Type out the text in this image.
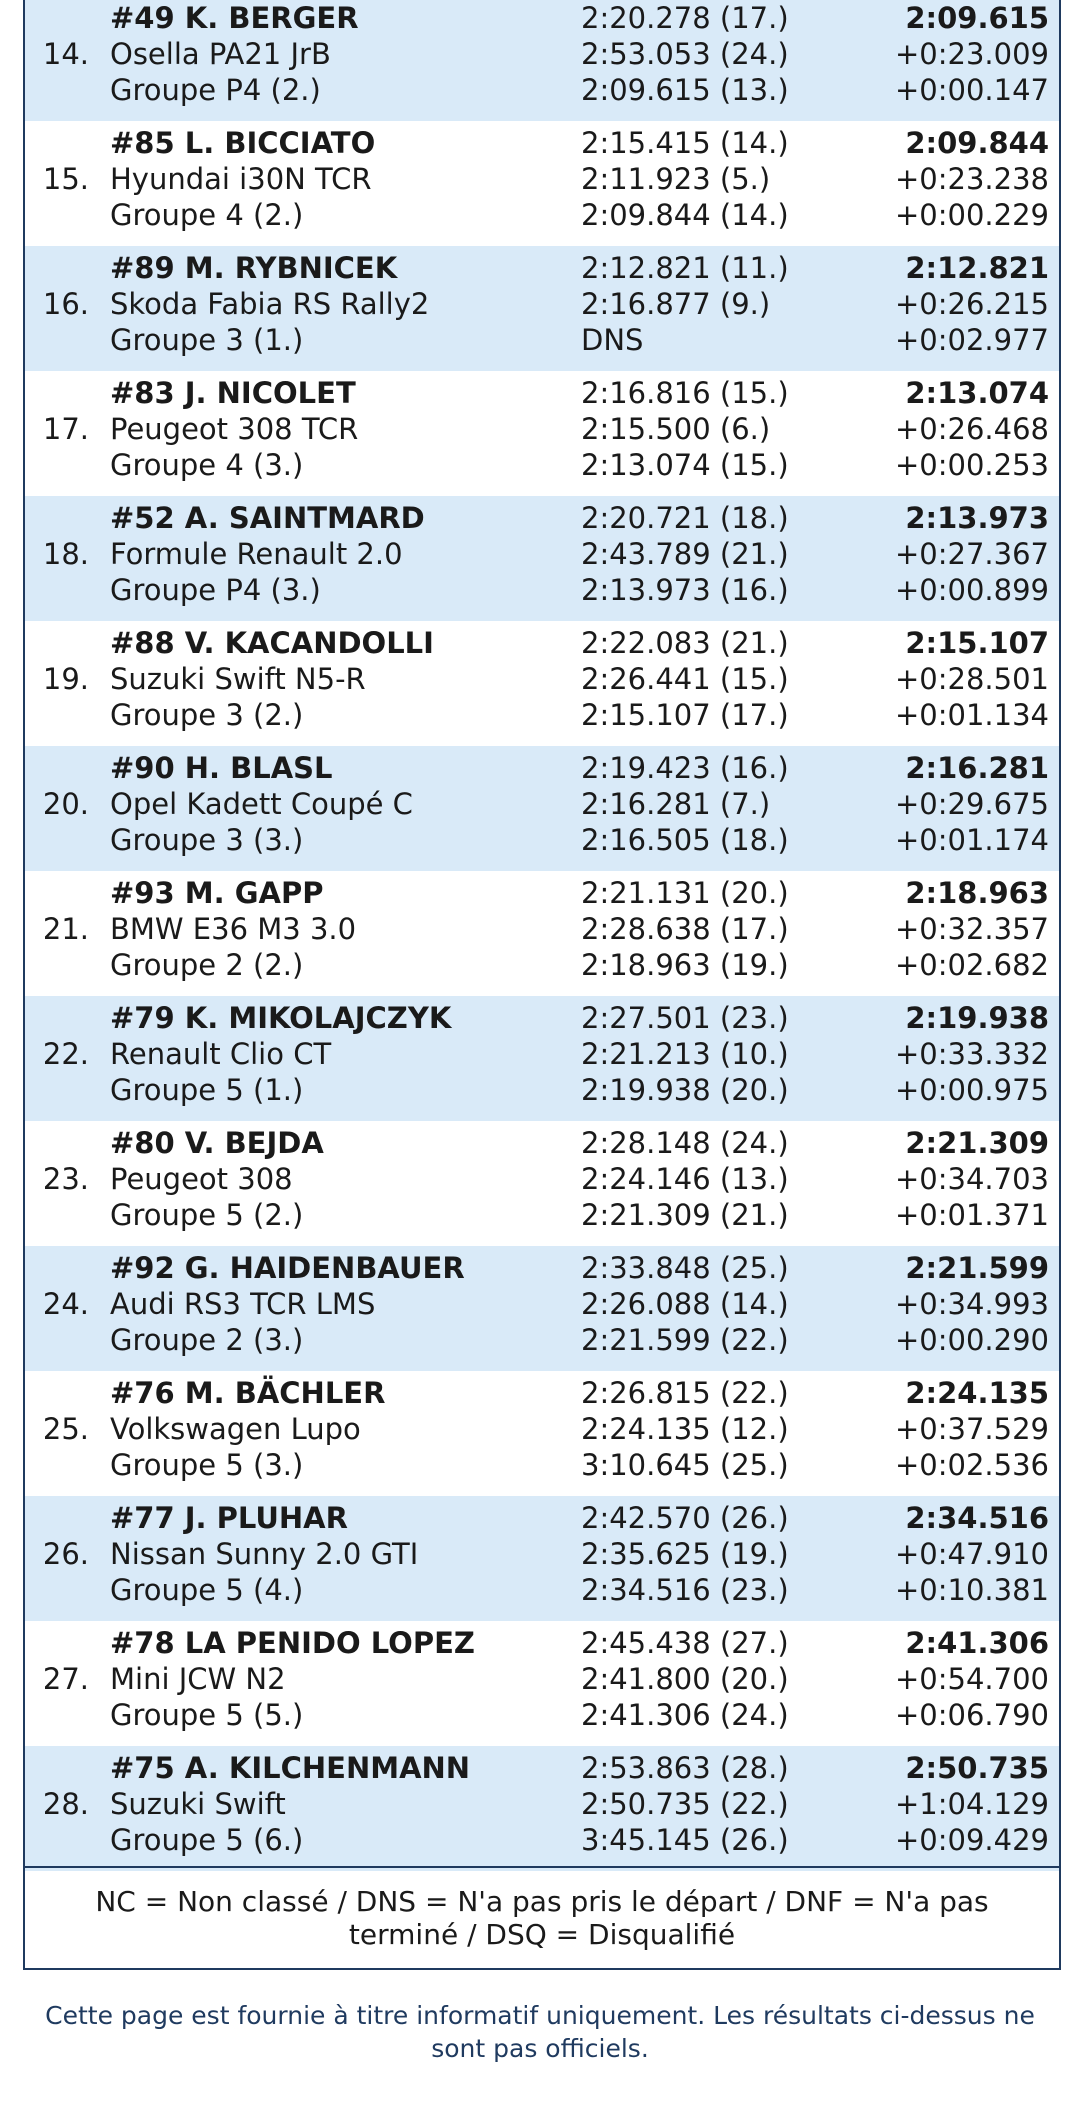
14.
#49 K. BERGER	2:20.278 (17.)	2:09.615
Osella PA21 JrB	2:53.053 (24.)	+0:23.009
Groupe P4 (2.)	2:09.615 (13.)	+0:00.147
15.
#85 L. BICCIATO	2:15.415 (14.)	2:09.844
Hyundai i30N TCR	2:11.923 (5.)	+0:23.238
Groupe 4 (2.)	2:09.844 (14.)	+0:00.229
16.
#89 M. RYBNICEK	2:12.821 (11.)	2:12.821
Skoda Fabia RS Rally2	2:16.877 (9.)	+0:26.215
Groupe 3 (1.)	DNS	+0:02.977
17.
#83 J. NICOLET	2:16.816 (15.)	2:13.074
Peugeot 308 TCR	2:15.500 (6.)	+0:26.468
Groupe 4 (3.)	2:13.074 (15.)	+0:00.253
18.
#52 A. SAINTMARD	2:20.721 (18.)	2:13.973
Formule Renault 2.0	2:43.789 (21.)	+0:27.367
Groupe P4 (3.)	2:13.973 (16.)	+0:00.899
19.
#88 V. KACANDOLLI	2:22.083 (21.)	2:15.107
Suzuki Swift N5-R	2:26.441 (15.)	+0:28.501
Groupe 3 (2.)	2:15.107 (17.)	+0:01.134
20.
#90 H. BLASL	2:19.423 (16.)	2:16.281
Opel Kadett Coupé C	2:16.281 (7.)	+0:29.675
Groupe 3 (3.)	2:16.505 (18.)	+0:01.174
21.
#93 M. GAPP	2:21.131 (20.)	2:18.963
BMW E36 M3 3.0	2:28.638 (17.)	+0:32.357
Groupe 2 (2.)	2:18.963 (19.)	+0:02.682
22.
#79 K. MIKOLAJCZYK	2:27.501 (23.)	2:19.938
Renault Clio CT	2:21.213 (10.)	+0:33.332
Groupe 5 (1.)	2:19.938 (20.)	+0:00.975
23.
#80 V. BEJDA	2:28.148 (24.)	2:21.309
Peugeot 308	2:24.146 (13.)	+0:34.703
Groupe 5 (2.)	2:21.309 (21.)	+0:01.371
24.
#92 G. HAIDENBAUER	2:33.848 (25.)	2:21.599
Audi RS3 TCR LMS	2:26.088 (14.)	+0:34.993
Groupe 2 (3.)	2:21.599 (22.)	+0:00.290
25.
#76 M. BÄCHLER	2:26.815 (22.)	2:24.135
Volkswagen Lupo	2:24.135 (12.)	+0:37.529
Groupe 5 (3.)	3:10.645 (25.)	+0:02.536
26.
#77 J. PLUHAR	2:42.570 (26.)	2:34.516
Nissan Sunny 2.0 GTI	2:35.625 (19.)	+0:47.910
Groupe 5 (4.)	2:34.516 (23.)	+0:10.381
27.
#78 LA PENIDO LOPEZ	2:45.438 (27.)	2:41.306
Mini JCW N2	2:41.800 (20.)	+0:54.700
Groupe 5 (5.)	2:41.306 (24.)	+0:06.790
28.
#75 A. KILCHENMANN	2:53.863 (28.)	2:50.735
Suzuki Swift	2:50.735 (22.)	+1:04.129
Groupe 5 (6.)	3:45.145 (26.)	+0:09.429
NC = Non classé / DNS = N'a pas pris le départ / DNF = N'a pas terminé / DSQ = Disqualifié
Cette page est fournie à titre informatif uniquement. Les résultats ci-dessus ne sont pas officiels.
